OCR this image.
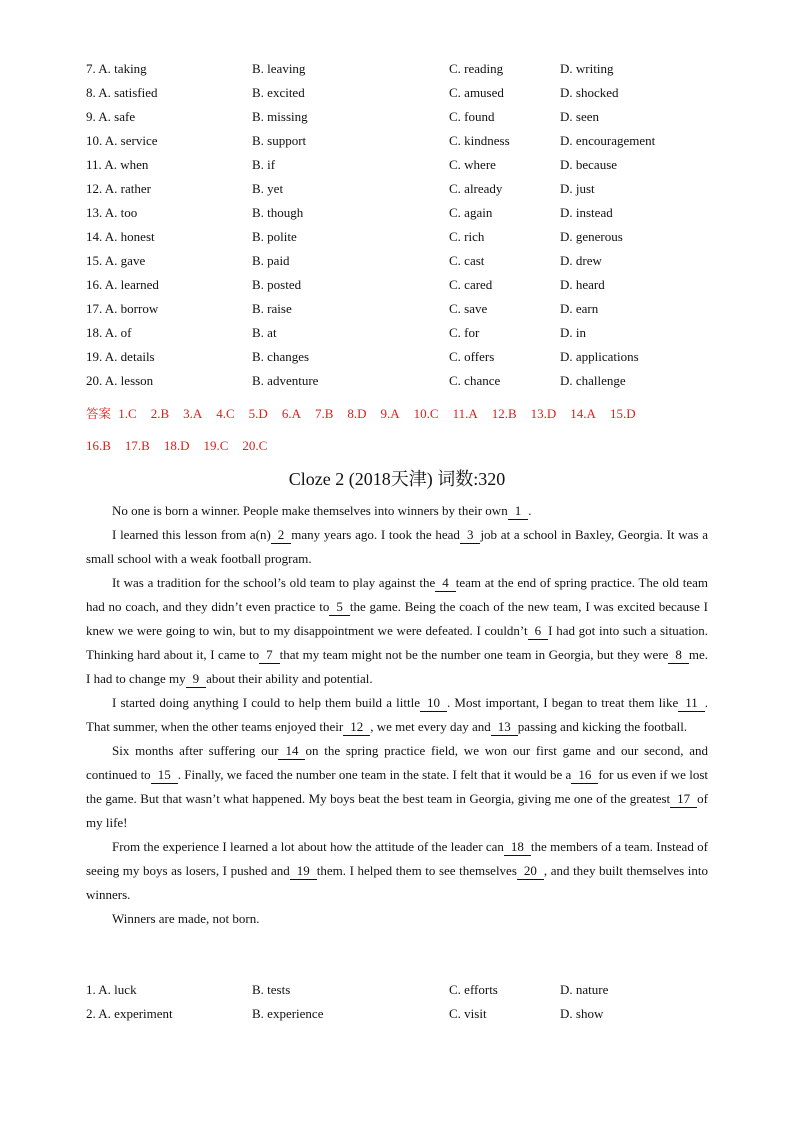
7. A. taking	B. leaving	C. reading	D. writing
8. A. satisfied	B. excited	C. amused	D. shocked
9. A. safe	B. missing	C. found	D. seen
10. A. service	B. support	C. kindness	D. encouragement
11. A. when	B. if	C. where	D. because
12. A. rather	B. yet	C. already	D. just
13. A. too	B. though	C. again	D. instead
14. A. honest	B. polite	C. rich	D. generous
15. A. gave	B. paid	C. cast	D. drew
16. A. learned	B. posted	C. cared	D. heard
17. A. borrow	B. raise	C. save	D. earn
18. A. of	B. at	C. for	D. in
19. A. details	B. changes	C. offers	D. applications
20. A. lesson	B. adventure	C. chance	D. challenge
答案 1.C 2.B 3.A 4.C 5.D 6.A 7.B 8.D 9.A 10.C 11.A 12.B 13.D 14.A 15.D
16.B 17.B 18.D 19.C 20.C
Cloze 2 (2018天津) 词数:320

No one is born a winner. People make themselves into winners by their own 1 .

I learned this lesson from a(n) 2 many years ago. I took the head 3 job at a school in Baxley, Georgia. It was a small school with a weak football program.

It was a tradition for the school’s old team to play against the 4 team at the end of spring practice. The old team had no coach, and they didn’t even practice to 5 the game. Being the coach of the new team, I was excited because I knew we were going to win, but to my disappointment we were defeated. I couldn’t 6 I had got into such a situation. Thinking hard about it, I came to 7 that my team might not be the number one team in Georgia, but they were 8 me. I had to change my 9 about their ability and potential.

I started doing anything I could to help them build a little 10 . Most important, I began to treat them like 11 . That summer, when the other teams enjoyed their 12 , we met every day and 13 passing and kicking the football.

Six months after suffering our 14 on the spring practice field, we won our first game and our second, and continued to 15 . Finally, we faced the number one team in the state. I felt that it would be a 16 for us even if we lost the game. But that wasn’t what happened. My boys beat the best team in Georgia, giving me one of the greatest 17 of my life!

From the experience I learned a lot about how the attitude of the leader can 18 the members of a team. Instead of seeing my boys as losers, I pushed and 19 them. I helped them to see themselves 20 , and they built themselves into winners.

Winners are made, not born.

1. A. luck	B. tests	C. efforts	D. nature
2. A. experiment	B. experience	C. visit	D. show
